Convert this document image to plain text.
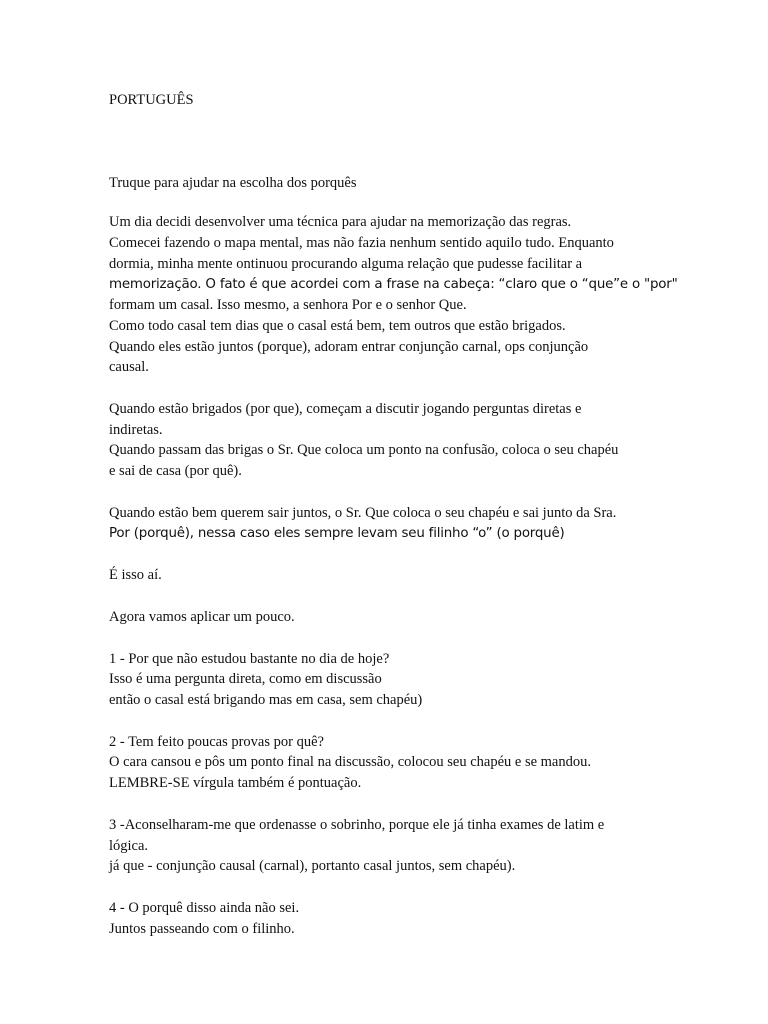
PORTUGUÊS

Truque para ajudar na escolha dos porquês

Um dia decidi desenvolver uma técnica para ajudar na memorização das regras.
Comecei fazendo o mapa mental, mas não fazia nenhum sentido aquilo tudo. Enquanto
dormia, minha mente ontinuou procurando alguma relação que pudesse facilitar a
memorização. O fato é que acordei com a frase na cabeça: “claro que o “que”e o "por"
formam um casal. Isso mesmo, a senhora Por e o senhor Que.
Como todo casal tem dias que o casal está bem, tem outros que estão brigados.
Quando eles estão juntos (porque), adoram entrar conjunção carnal, ops conjunção
causal.

Quando estão brigados (por que), começam a discutir jogando perguntas diretas e
indiretas.
Quando passam das brigas o Sr. Que coloca um ponto na confusão, coloca o seu chapéu
e sai de casa (por quê).

Quando estão bem querem sair juntos, o Sr. Que coloca o seu chapéu e sai junto da Sra.
Por (porquê), nessa caso eles sempre levam seu filinho “o” (o porquê)

É isso aí.

Agora vamos aplicar um pouco.

1 - Por que não estudou bastante no dia de hoje?
Isso é uma pergunta direta, como em discussão
então o casal está brigando mas em casa, sem chapéu)

2 - Tem feito poucas provas por quê?
O cara cansou e pôs um ponto final na discussão, colocou seu chapéu e se mandou.
LEMBRE-SE vírgula também é pontuação.

3 -Aconselharam-me que ordenasse o sobrinho, porque ele já tinha exames de latim e
lógica.
já que - conjunção causal (carnal), portanto casal juntos, sem chapéu).

4 - O porquê disso ainda não sei.
Juntos passeando com o filinho.
